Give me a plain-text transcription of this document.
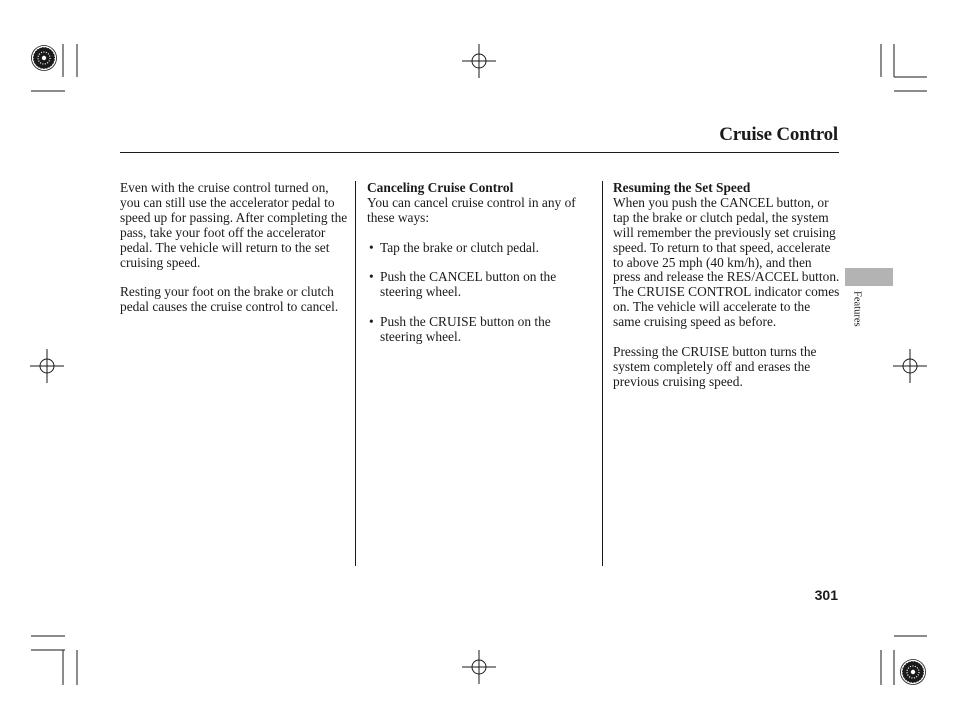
Cruise Control

Even with the cruise control turned on, you can still use the accelerator pedal to speed up for passing. After completing the pass, take your foot off the accelerator pedal. The vehicle will return to the set cruising speed.

Resting your foot on the brake or clutch pedal causes the cruise control to cancel.

Canceling Cruise Control
You can cancel cruise control in any of these ways:

• Tap the brake or clutch pedal.
• Push the CANCEL button on the steering wheel.
• Push the CRUISE button on the steering wheel.

Resuming the Set Speed
When you push the CANCEL button, or tap the brake or clutch pedal, the system will remember the previously set cruising speed. To return to that speed, accelerate to above 25 mph (40 km/h), and then press and release the RES/ACCEL button. The CRUISE CONTROL indicator comes on. The vehicle will accelerate to the same cruising speed as before.

Pressing the CRUISE button turns the system completely off and erases the previous cruising speed.

Features
301
